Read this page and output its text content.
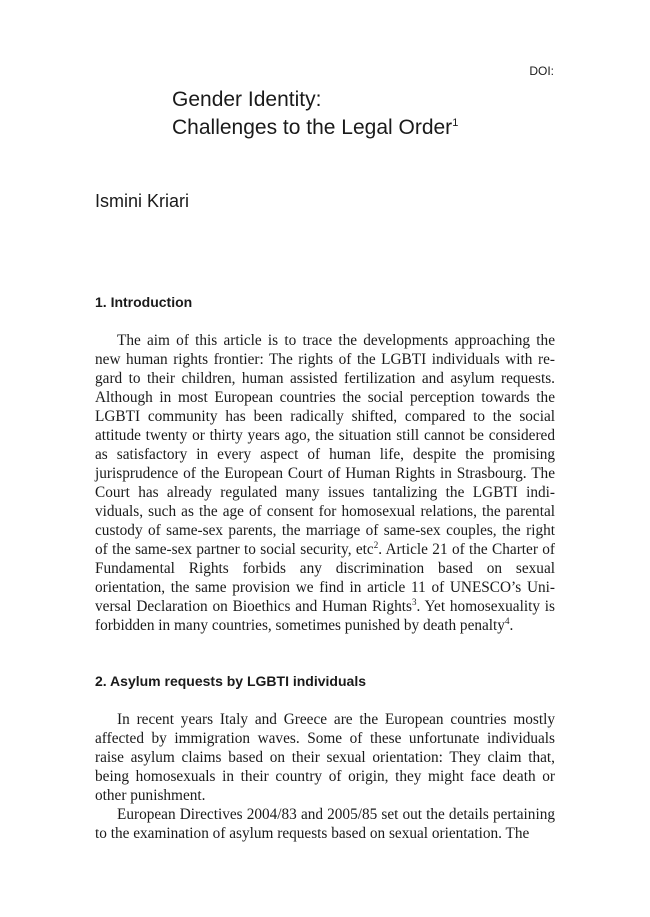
DOI:
Gender Identity:
Challenges to the Legal Order$^1$
Ismini Kriari
1. Introduction

The aim of this article is to trace the developments approaching the new human rights frontier: The rights of the LGBTI individuals with regard to their children, human assisted fertilization and asylum requests. Although in most European countries the social perception towards the LGBTI community has been radically shifted, compared to the social attitude twenty or thirty years ago, the situation still cannot be considered as satisfactory in every aspect of human life, despite the promising jurisprudence of the European Court of Human Rights in Strasbourg. The Court has already regulated many issues tantalizing the LGBTI individuals, such as the age of consent for homosexual relations, the parental custody of same-sex parents, the marriage of same-sex couples, the right of the same-sex partner to social security, etc$^2$. Article 21 of the Charter of Fundamental Rights forbids any discrimination based on sexual orientation, the same provision we find in article 11 of UNESCO’s Universal Declaration on Bioethics and Human Rights$^3$. Yet homosexuality is forbidden in many countries, sometimes punished by death penalty$^4$.

2. Asylum requests by LGBTI individuals

In recent years Italy and Greece are the European countries mostly affected by immigration waves. Some of these unfortunate individuals raise asylum claims based on their sexual orientation: They claim that, being homosexuals in their country of origin, they might face death or other punishment.

European Directives 2004/83 and 2005/85 set out the details pertaining to the examination of asylum requests based on sexual orientation. The
